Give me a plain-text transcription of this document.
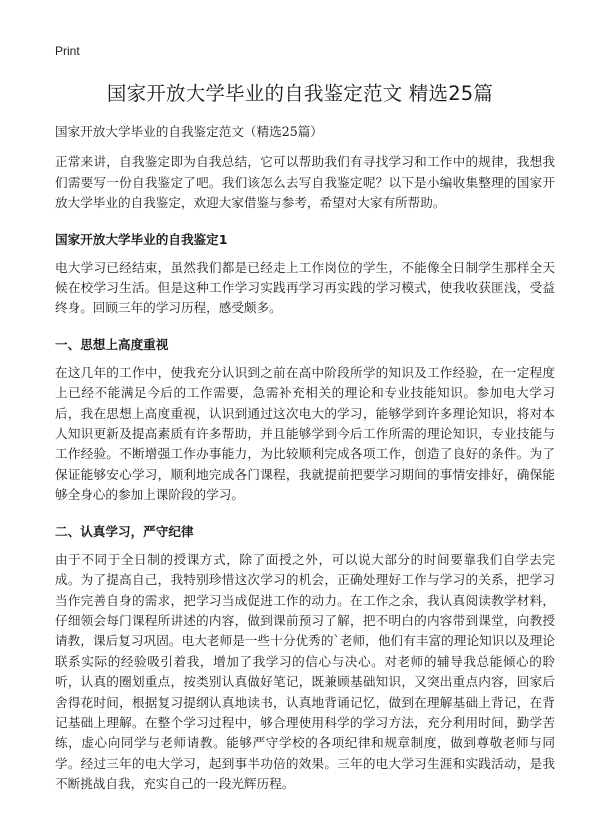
Print
国家开放大学毕业的自我鉴定范文 精选25篇

国家开放大学毕业的自我鉴定范文（精选25篇）

正常来讲，自我鉴定即为自我总结，它可以帮助我们有寻找学习和工作中的规律，我想我们需要写一份自我鉴定了吧。我们该怎么去写自我鉴定呢？以下是小编收集整理的国家开放大学毕业的自我鉴定，欢迎大家借鉴与参考，希望对大家有所帮助。

国家开放大学毕业的自我鉴定1

电大学习已经结束，虽然我们都是已经走上工作岗位的学生，不能像全日制学生那样全天候在校学习生活。但是这种工作学习实践再学习再实践的学习模式，使我收获匪浅，受益终身。回顾三年的学习历程，感受颇多。

一、思想上高度重视

在这几年的工作中，使我充分认识到之前在高中阶段所学的知识及工作经验，在一定程度上已经不能满足今后的工作需要，急需补充相关的理论和专业技能知识。参加电大学习后，我在思想上高度重视，认识到通过这次电大的学习，能够学到许多理论知识，将对本人知识更新及提高素质有许多帮助，并且能够学到今后工作所需的理论知识，专业技能与工作经验。不断增强工作办事能力，为比较顺利完成各项工作，创造了良好的条件。为了保证能够安心学习，顺利地完成各门课程，我就提前把要学习期间的事情安排好，确保能够全身心的参加上课阶段的学习。

二、认真学习，严守纪律

由于不同于全日制的授课方式，除了面授之外，可以说大部分的时间要靠我们自学去完成。为了提高自己，我特别珍惜这次学习的机会，正确处理好工作与学习的关系，把学习当作完善自身的需求，把学习当成促进工作的动力。在工作之余，我认真阅读教学材料，仔细领会每门课程所讲述的内容，做到课前预习了解，把不明白的内容带到课堂，向教授请教，课后复习巩固。电大老师是一些十分优秀的`老师，他们有丰富的理论知识以及理论联系实际的经验吸引着我，增加了我学习的信心与决心。对老师的辅导我总能倾心的聆听，认真的圈划重点，按类别认真做好笔记，既兼顾基础知识，又突出重点内容，回家后舍得花时间，根据复习提纲认真地读书，认真地背诵记忆，做到在理解基础上背记，在背记基础上理解。在整个学习过程中，够合理使用科学的学习方法，充分利用时间，勤学苦练，虚心向同学与老师请教。能够严守学校的各项纪律和规章制度，做到尊敬老师与同学。经过三年的电大学习，起到事半功倍的效果。三年的电大学习生涯和实践活动，是我不断挑战自我，充实自己的一段光辉历程。
